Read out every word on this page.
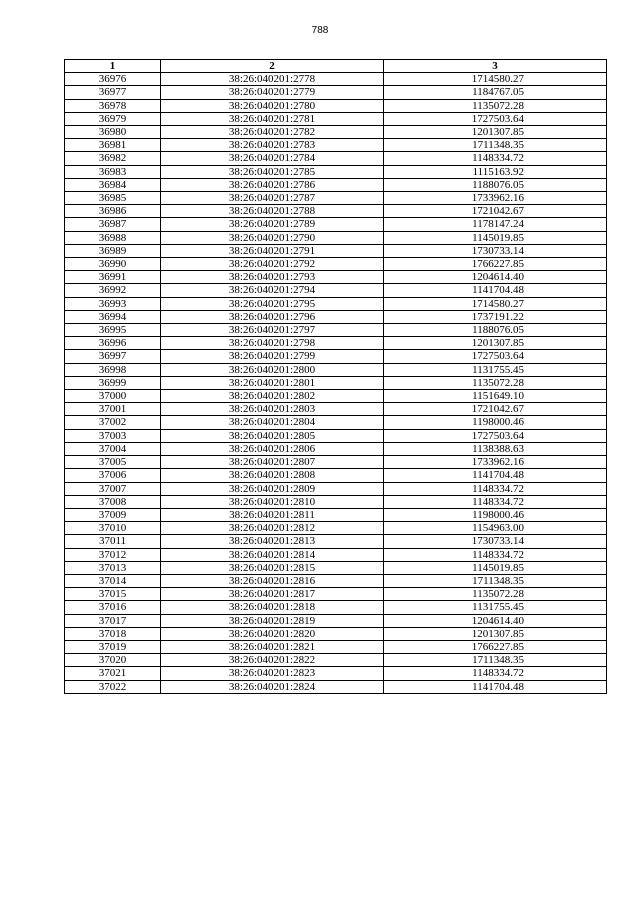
788
1	2	3
36976	38:26:040201:2778	1714580.27
36977	38:26:040201:2779	1184767.05
36978	38:26:040201:2780	1135072.28
36979	38:26:040201:2781	1727503.64
36980	38:26:040201:2782	1201307.85
36981	38:26:040201:2783	1711348.35
36982	38:26:040201:2784	1148334.72
36983	38:26:040201:2785	1115163.92
36984	38:26:040201:2786	1188076.05
36985	38:26:040201:2787	1733962.16
36986	38:26:040201:2788	1721042.67
36987	38:26:040201:2789	1178147.24
36988	38:26:040201:2790	1145019.85
36989	38:26:040201:2791	1730733.14
36990	38:26:040201:2792	1766227.85
36991	38:26:040201:2793	1204614.40
36992	38:26:040201:2794	1141704.48
36993	38:26:040201:2795	1714580.27
36994	38:26:040201:2796	1737191.22
36995	38:26:040201:2797	1188076.05
36996	38:26:040201:2798	1201307.85
36997	38:26:040201:2799	1727503.64
36998	38:26:040201:2800	1131755.45
36999	38:26:040201:2801	1135072.28
37000	38:26:040201:2802	1151649.10
37001	38:26:040201:2803	1721042.67
37002	38:26:040201:2804	1198000.46
37003	38:26:040201:2805	1727503.64
37004	38:26:040201:2806	1138388.63
37005	38:26:040201:2807	1733962.16
37006	38:26:040201:2808	1141704.48
37007	38:26:040201:2809	1148334.72
37008	38:26:040201:2810	1148334.72
37009	38:26:040201:2811	1198000.46
37010	38:26:040201:2812	1154963.00
37011	38:26:040201:2813	1730733.14
37012	38:26:040201:2814	1148334.72
37013	38:26:040201:2815	1145019.85
37014	38:26:040201:2816	1711348.35
37015	38:26:040201:2817	1135072.28
37016	38:26:040201:2818	1131755.45
37017	38:26:040201:2819	1204614.40
37018	38:26:040201:2820	1201307.85
37019	38:26:040201:2821	1766227.85
37020	38:26:040201:2822	1711348.35
37021	38:26:040201:2823	1148334.72
37022	38:26:040201:2824	1141704.48
